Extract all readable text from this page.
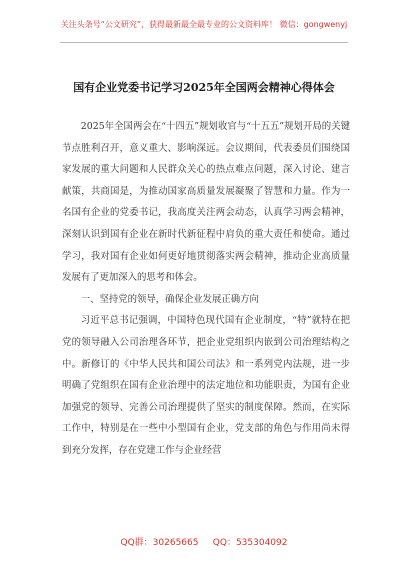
关注头条号“公文研究”，获得最新最全最专业的公文资料库！ 微信：gongwenyj
国有企业党委书记学习2025年全国两会精神心得体会

2025年全国两会在“十四五”规划收官与“十五五”规划开局的关键节点胜利召开，意义重大、影响深远。会议期间，代表委员们围绕国家发展的重大问题和人民群众关心的热点难点问题，深入讨论、建言献策，共商国是，为推动国家高质量发展凝聚了智慧和力量。作为一名国有企业的党委书记，我高度关注两会动态，认真学习两会精神，深刻认识到国有企业在新时代新征程中肩负的重大责任和使命。通过学习，我对国有企业如何更好地贯彻落实两会精神，推动企业高质量发展有了更加深入的思考和体会。

一、坚持党的领导，确保企业发展正确方向

习近平总书记强调，中国特色现代国有企业制度，“特”就特在把党的领导融入公司治理各环节，把企业党组织内嵌到公司治理结构之中。新修订的《中华人民共和国公司法》和一系列党内法规，进一步明确了党组织在国有企业治理中的法定地位和功能职责，为国有企业加强党的领导、完善公司治理提供了坚实的制度保障。然而，在实际工作中，特别是在一些中小型国有企业，党支部的角色与作用尚未得到充分发挥，存在党建工作与企业经营

QQ群：30265665     QQ：535304092
